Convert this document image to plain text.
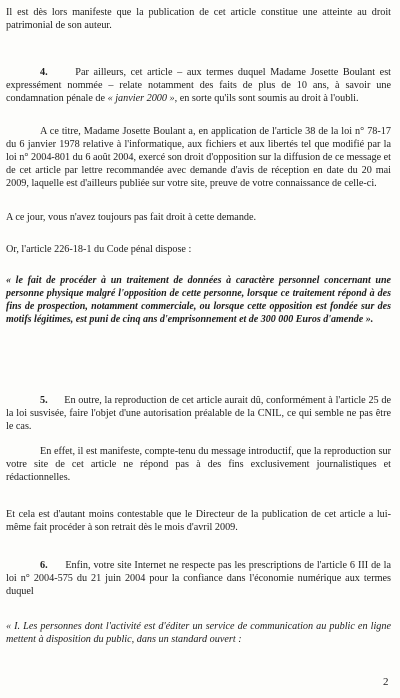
Il est dès lors manifeste que la publication de cet article constitue une atteinte au droit patrimonial de son auteur.
4.	Par ailleurs, cet article – aux termes duquel Madame Josette Boulant est expressément nommée – relate notamment des faits de plus de 10 ans, à savoir une condamnation pénale de « janvier 2000 », en sorte qu'ils sont soumis au droit à l'oubli.
A ce titre, Madame Josette Boulant a, en application de l'article 38 de la loi n° 78-17 du 6 janvier 1978 relative à l'informatique, aux fichiers et aux libertés tel que modifié par la loi n° 2004-801 du 6 août 2004, exercé son droit d'opposition sur la diffusion de ce message et de cet article par lettre recommandée avec demande d'avis de réception en date du 20 mai 2009, laquelle est d'ailleurs publiée sur votre site, preuve de votre connaissance de celle-ci.
A ce jour, vous n'avez toujours pas fait droit à cette demande.
Or, l'article 226-18-1 du Code pénal dispose :
« le fait de procéder à un traitement de données à caractère personnel concernant une personne physique malgré l'opposition de cette personne, lorsque ce traitement répond à des fins de prospection, notamment commerciale, ou lorsque cette opposition est fondée sur des motifs légitimes, est puni de cinq ans d'emprisonnement et de 300 000 Euros d'amende ».
5. En outre, la reproduction de cet article aurait dû, conformément à l'article 25 de la loi susvisée, faire l'objet d'une autorisation préalable de la CNIL, ce qui semble ne pas être le cas.
En effet, il est manifeste, compte-tenu du message introductif, que la reproduction sur votre site de cet article ne répond pas à des fins exclusivement journalistiques et rédactionnelles.
Et cela est d'autant moins contestable que le Directeur de la publication de cet article a lui-même fait procéder à son retrait dès le mois d'avril 2009.
6. Enfin, votre site Internet ne respecte pas les prescriptions de l'article 6 III de la loi n° 2004-575 du 21 juin 2004 pour la confiance dans l'économie numérique aux termes duquel
« I. Les personnes dont l'activité est d'éditer un service de communication au public en ligne mettent à disposition du public, dans un standard ouvert :
2
